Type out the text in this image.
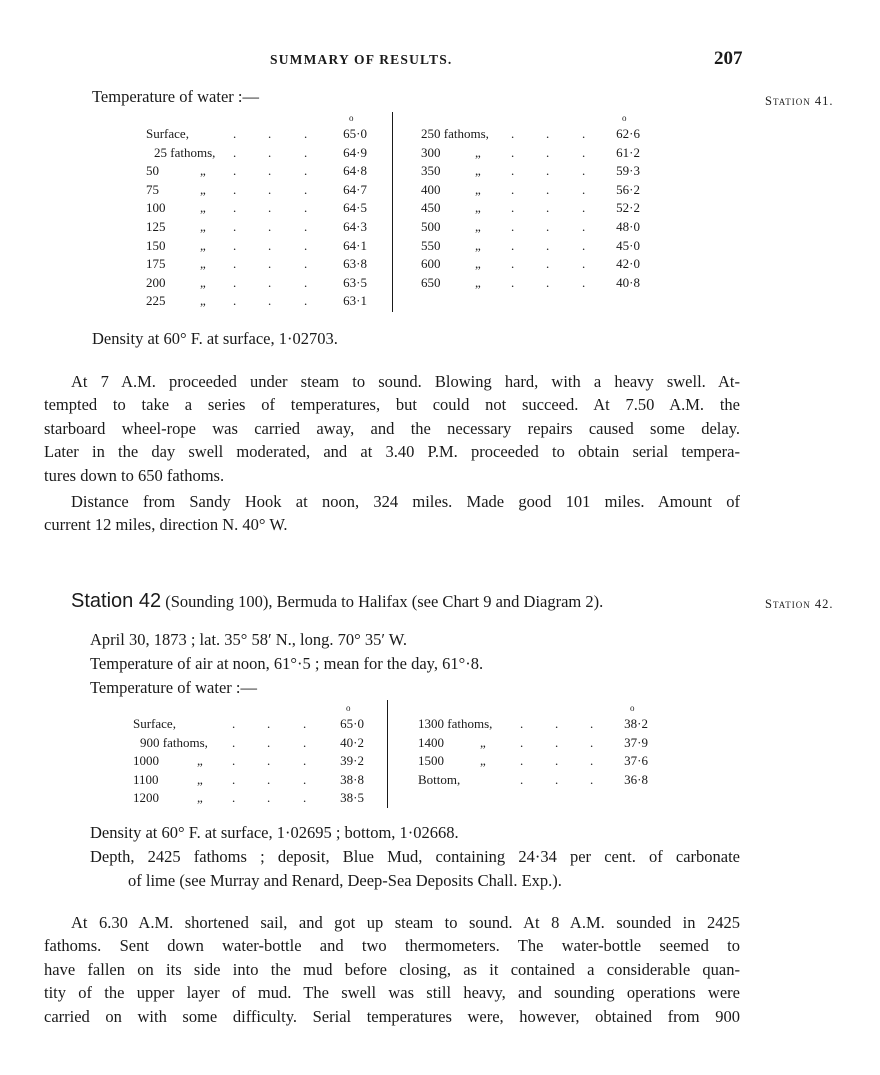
SUMMARY OF RESULTS.	207
Temperature of water :—	Station 41.
o
Surface,	. .	.	65·0
25 fathoms, . .	.	64·9
50	„ . .	.	64·8
75	„ . .	.	64·7
100	„ . .	.	64·5
125	„ . .	.	64·3
150	„ . .	.	64·1
175	„ . .	.	63·8
200	„ . .	.	63·5
225	„ . .	.	63·1
o
250 fathoms, . .	.	62·6
300	„ . .	.	61·2
350	„ . .	.	59·3
400	„ . .	.	56·2
450	„ . .	.	52·2
500	„ . .	.	48·0
550	„ . .	.	45·0
600	„ . .	.	42·0
650	„ . .	.	40·8
Density at 60° F. at surface, 1·02703.
At 7 A.M. proceeded under steam to sound. Blowing hard, with a heavy swell. At-
tempted to take a series of temperatures, but could not succeed. At 7.50 A.M. the
starboard wheel-rope was carried away, and the necessary repairs caused some delay.
Later in the day swell moderated, and at 3.40 P.M. proceeded to obtain serial tempera-
tures down to 650 fathoms.
Distance from Sandy Hook at noon, 324 miles. Made good 101 miles. Amount of
current 12 miles, direction N. 40° W.
Station 42 (Sounding 100), Bermuda to Halifax (see Chart 9 and Diagram 2).	Station 42.
April 30, 1873 ; lat. 35° 58′ N., long. 70° 35′ W.
Temperature of air at noon, 61°·5 ; mean for the day, 61°·8.
Temperature of water :—
o
Surface,	. .	.	65·0
900 fathoms, . .	.	40·2
1000	„ . .	.	39·2
1100	„ . .	.	38·8
1200	„ . .	.	38·5
o
1300 fathoms, . . .	38·2
1400	„	. . .	37·9
1500	„	. . .	37·6
Bottom,	. . .	36·8
Density at 60° F. at surface, 1·02695 ; bottom, 1·02668.
Depth, 2425 fathoms ; deposit, Blue Mud, containing 24·34 per cent. of carbonate
of lime (see Murray and Renard, Deep-Sea Deposits Chall. Exp.).
At 6.30 A.M. shortened sail, and got up steam to sound. At 8 A.M. sounded in 2425
fathoms. Sent down water-bottle and two thermometers. The water-bottle seemed to
have fallen on its side into the mud before closing, as it contained a considerable quan-
tity of the upper layer of mud. The swell was still heavy, and sounding operations were
carried on with some difficulty. Serial temperatures were, however, obtained from 900
